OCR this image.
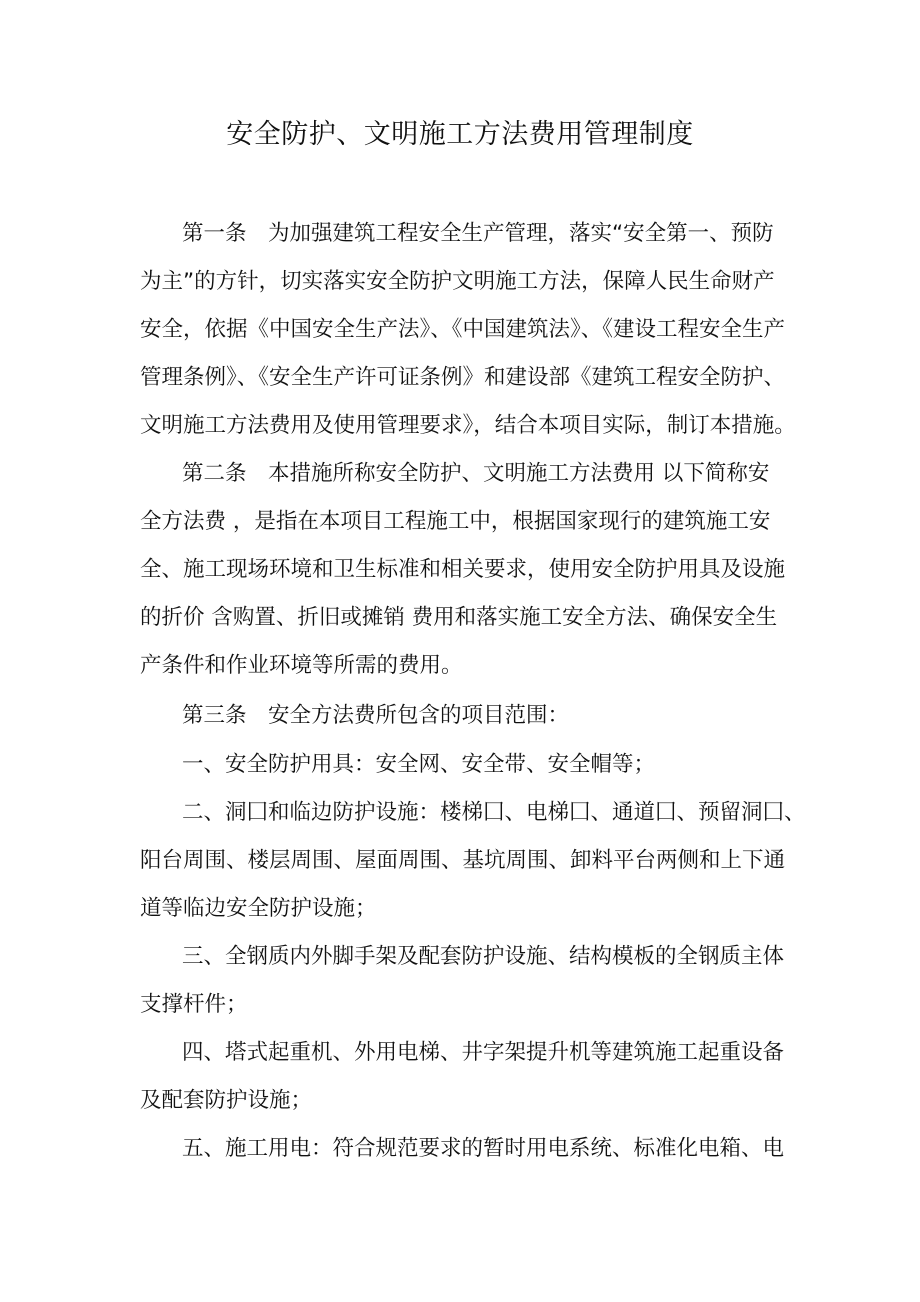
安全防护、文明施工方法费用管理制度

第一条　为加强建筑工程安全生产管理，落实“安全第一、预防

为主”的方针，切实落实安全防护文明施工方法，保障人民生命财产

安全，依据《中国安全生产法》、《中国建筑法》、《建设工程安全生产

管理条例》、《安全生产许可证条例》和建设部《建筑工程安全防护、

文明施工方法费用及使用管理要求》，结合本项目实际，制订本措施。

第二条　本措施所称安全防护、文明施工方法费用 以下简称安

全方法费 ，是指在本项目工程施工中，根据国家现行的建筑施工安

全、施工现场环境和卫生标准和相关要求，使用安全防护用具及设施

的折价 含购置、折旧或摊销 费用和落实施工安全方法、确保安全生

产条件和作业环境等所需的费用。

第三条　安全方法费所包含的项目范围：

一、安全防护用具：安全网、安全带、安全帽等；

二、洞囗和临边防护设施：楼梯囗、电梯囗、通道囗、预留洞囗、

阳台周围、楼层周围、屋面周围、基坑周围、卸料平台两侧和上下通

道等临边安全防护设施；

三、全钢质内外脚手架及配套防护设施、结构模板的全钢质主体

支撑杆件；

四、塔式起重机、外用电梯、井字架提升机等建筑施工起重设备

及配套防护设施；

五、施工用电：符合规范要求的暂时用电系统、标准化电箱、电
